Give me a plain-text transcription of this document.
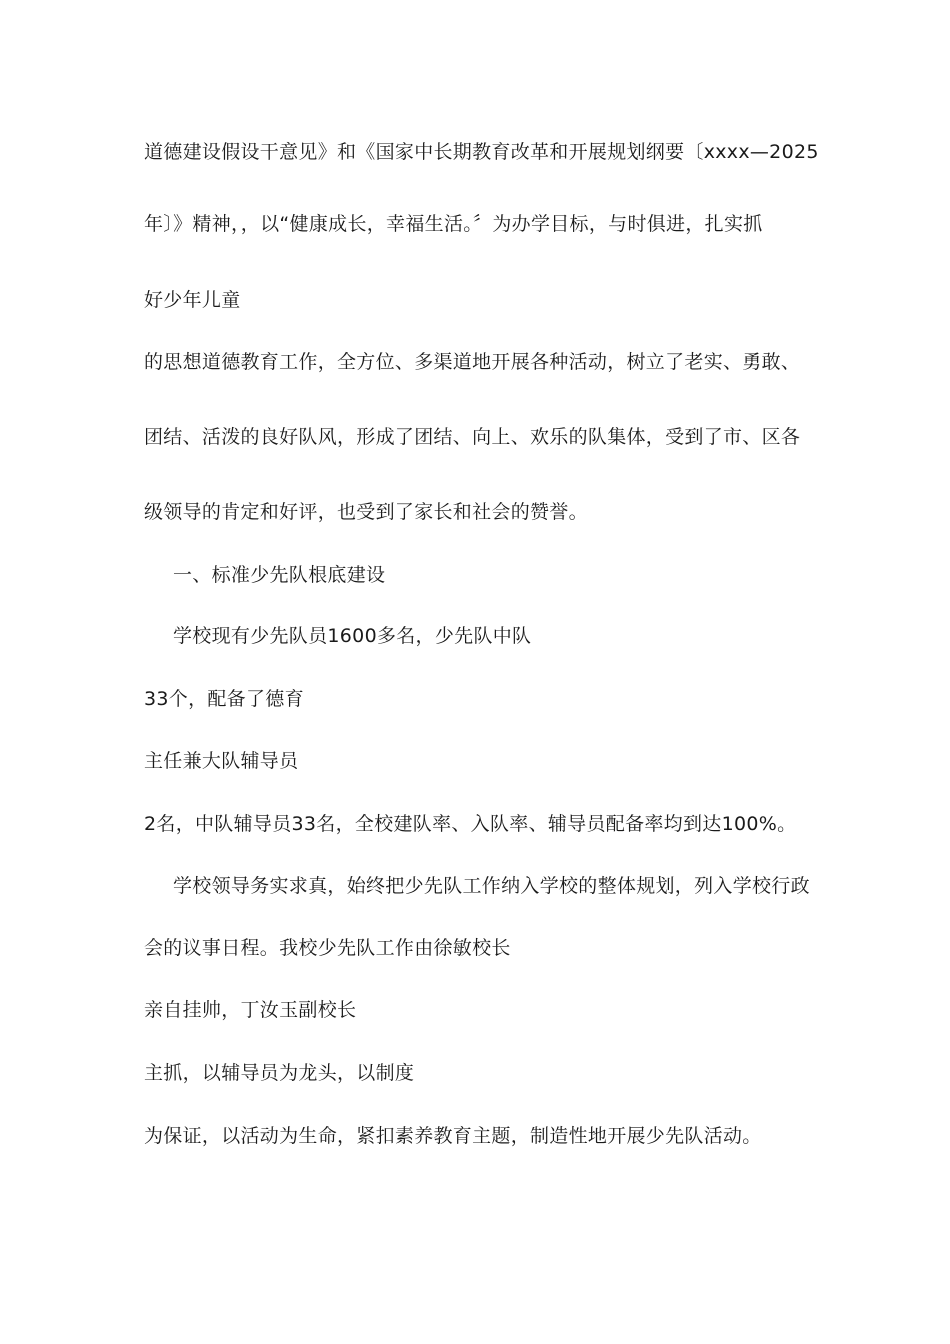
道德建设假设干意见》和《国家中长期教育改革和开展规划纲要〔xxxx—2025
年〕》精神，，以“健康成长，幸福生活。〞为办学目标，与时俱进，扎实抓
好少年儿童
的思想道德教育工作，全方位、多渠道地开展各种活动，树立了老实、勇敢、
团结、活泼的良好队风，形成了团结、向上、欢乐的队集体，受到了市、区各
级领导的肯定和好评，也受到了家长和社会的赞誉。
一、标准少先队根底建设
学校现有少先队员1600多名，少先队中队
33个，配备了德育
主任兼大队辅导员
2名，中队辅导员33名，全校建队率、入队率、辅导员配备率均到达100%。
学校领导务实求真，始终把少先队工作纳入学校的整体规划，列入学校行政
会的议事日程。我校少先队工作由徐敏校长
亲自挂帅，丁汝玉副校长
主抓，以辅导员为龙头，以制度
为保证，以活动为生命，紧扣素养教育主题，制造性地开展少先队活动。
